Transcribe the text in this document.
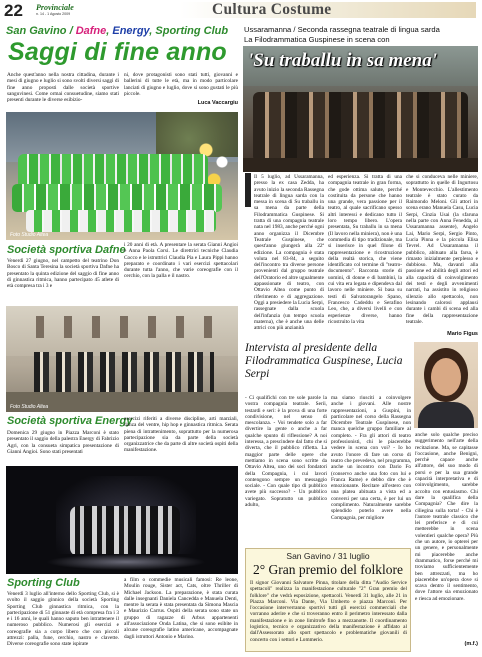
22 Provinciale
n. 14 - 1 Agosto 2009	Cultura Costume
San Gavino / Dafne, Energy, Sporting Club
Saggi di fine anno
Anche quest'anno nella nostra cittadina, durante i mesi di giugno e luglio si sono svolti diversi saggi di fine anno proposti dalle società sportive sanguvinesi. Come ormai consuetudine, siamo stati presenti durante le diverse esibizio-
ni, dove protagonisti sono stati tutti, giovanni e ballerini di tutte le età, ma in modo particolare lanciati di giugno e luglio, dove si sono gustati le più piccole.
Luca Vaccargiu
Foto Studio Altea
Società sportiva Dafne
Venerdì 27 giugno, nel campetto del teatrino Don Bosco di Santa Teresina la società sportiva Dafne ha presentato la quinta edizione del saggio di fine anno di ginnastica ritmica, hanno partecipato 45 atlete di età compresa tra i 3 e
i 20 anni di età. A presentare la serata Gianni Angioi e Anna Paola Corsi. Le direttrici tecniche Claudia Cocco e le istruttrici Claudia Pia e Laura Pippi hanno preparato e coordinato i vari esercizi spettacolari durante tutta l'anno, che varie coreografie con il cerchio, con la palla e il nastro.
Foto Studio Altea
Società sportiva Energy
Domenica 29 giugno in Piazza Marconi è stato presentato il saggio della palestra Energy di Fabrizio Agri, con la consueta simpatica presentazione di Gianni Angioi. Sono stati presentati
esercizi riferiti a diverse discipline, arti marziali, danza del ventre, hip hop e ginnastica ritmica. Serata piena di intrattenimento, soprattutto per la numerosa partecipazione sia da parte della società organizzatrice che da parte di altre società ospiti della manifestazione.
Sporting Club
Venerdì 3 luglio all'interno dello Sporting Club, si è svolto il saggio ginnico della società Sporting Sporting Club ginnastica ritmica, con la partecipazione di 51 ginnaste di età compresa fra i 3 e i 16 anni, le quali hanno saputo ben intrattenere il numeroso pubblico. Numerosi gli esercizi e coreografie sia a corpo libero che con piccoli attrezzi: palla, fune, cerchio, nastro e clavette. Diverse coreografie sono state ispirate
a film o commedie musicali famosi: Re leone, Moulin rouge, Sister act, Cats, oltre Thriller di Michael Jackson. La preparazione, è stata curata dalle insegnanti Daniela Cancedda e Manuela Denti, mentre la serata è stata presentata da Simona Mascia e Maurizio Carrus. Ospiti della serata sono state un gruppo di ragazze di Arbus appartenenti all'associazione Onda Latina, che si sono esibite in alcune coreografie latino americane, accompagnate dagli istruttori Antonio e Marino.
Ussaramanna / Seconda rassegna teatrale di lingua sarda
La Filodrammatica Guspinese in scena con
'Su traballu in sa mena'
Il 5 luglio, ad Ussaramanna, presso la ex casa Zedda, ha avuto inizio la seconda Rassegna teatrale di lingua sarda con la messa in scena di Su traballu in sa mena da parte della Filodrammatica Guspinese. Si tratta di una compagnia teatrale nata nel 1983, anche perché ogni anno organizza il Dicembre Teatrale Guspinese, che quest'anno giungerà alla 22ª edizione. La compagnia è stata voluta nel 83-84, a seguito dell'incontro tra diverse persone provenienti dal gruppo teatrale dell'Oratorio ed altre ugualmente appassionate di teatro, con Ottavio Altea come punto di riferimento e di aggregazione. Oggi a presiedere la Lucia Serpi, rassegnate dalla scuola dell'infanzia (un tempo scuola materna), che è anche una delle attrici con più anzianità
ed esperienza. Si tratta di una compagnia teatrale in gran forma, che gode ottima salute, perché costituita da persone che hanno una grande, vera passione per il teatro, al quale sacrificano spesso altri interessi e dedicano tutto il loro tempo libero. L'opera presentata, Su traballu in sa mena (Il lavoro nella miniera), non è una commedia di tipo tradizionale, ma si inserisce in quel filone di rappresentazione e ricostruzione della realtà storica, che viene identificato col termine di "teatro-documento". Racconta storie di uomini, di donne e di bambini, la cui vita era legata e dipendeva dal lavoro nelle miniere. Si basa su testi di Salvatorangelo Spano, Francesco Cadeddu e Serafino Leo, che, a diversi livelli e con esperienze diverse, hanno ricostruito la vita
che si conduceva nelle miniere, soprattutto in quelle di Ingurtosu e Montevecchio. L'allestimento teatrale è stato curato da Raimondo Meloni. Gli attori in scena erano Manuela Casu, Lucia Serpi, Cinzia Usai (la sfaruna nella parte con Anna Fenedda, al Ussaramanna assente), Angelo Lai, Mario Serpi, Sergio Pinto, Lucia Pinna e la piccola Elisa Tevrel. Ad Ussaramanna il pubblico, abituato alla farsa, è rimasto inizialmente perplesso e dubbioso. Ma, davanti alla passione ed abilità degli attori ed alla capacità di coinvolgimento dei testi e degli avvenimenti narrati, ha assistito in religioso silenzio allo spettacolo, non lesinando calorosi applausi durante i cambi di scena ed alla fine della rappresentazione teatrale.
Mario Figus
Intervista al presidente della Filodrammatica Guspinese, Lucia Serpi
- Ci qualifichi con tre sole parole la vostra compagnia teatrale. Serii, testardi e seri: è la prova di una forte condivisione, nel senso di mescolanza. - Voi tendete solo a far divertire la gente o anche a far qualche spunto di riflessione? A noi interessa, a prescindere dal fatto che si diverta, che il pubblico rifletta. La maggior parte delle opere che mettiamo in scena sono scritte da Ottavio Altea, uno dei soci fondatori della Compagnia, i cui lavori contengono sempre un messaggio sociale. - Con quale tipo di pubblico avete più successo? - Un pubblico variegato. Sopratutto un pubblico adulto,
ma siamo riusciti a coinvolgere anche i giovani. Alle nostre rappresentazioni, a Guspini, in particolare nel corso della Rassegna Dicembre Teatrale Guspinese, non manca quelche gruppo familiare al completo. - Fra gli attori di teatro professionisti, chi le piacerebbe vedere in scena con voi? - Io ho avuto l'onore di fare un corso di teatro che prevedeva, nel programma, anche un incontro con Dario Fo (conservo anche una foto con lui e Franca Rame) e debbo dire che è emozionante. Recitare all'estero con una platea abituata a vista ed a conversi per una certa, è per lui un complimento. Naturalmente sarebbe splendido poterlo avere nella Compagnia, per migliore
anche solo qualche preciso suggerimento nell'arte della recitazione. Ma, se capitasse l'occasione, anche Benigni, perchè capace anche all'attore, del suo modo di porsi e per la sua grande capacità interpretativa e di coinvolgimento, sarebbe accolto con entusiasmo. Chi dare la qualifica della Compagnia? Che dire la ciliegina sulla torta! - Chi è l'autore teatrale classico che lei preferisce e di cui metterebbe in scena volentieri qualche opera? Più che un autore, io opterei per un genere, e personalmente mi piacerebbe anche drammatico, forse perché mi troviamo sufficientemente ben attrezzati, ma ho piacerebbe un'opera dove si scava dentro il sentimento, dove l'attore sia emozionato e riesca ad emozionare.
(m.f.)
San Gavino / 31 luglio
2° Gran premio del folklore
Il signor Giovanni Salvatore Pinna, titolare della ditta "Audio Service spettacoli" realizza la manifestazione culturale "2° Gran premio del folklore" che vedrà esposizione, spettacoli. Venerdì 31 luglio, alle 21 in Piazza Marconi. Via Dante, Via Umberto e piazza Marconi. Per l'occasione interverranno sportivi tutti gli esercizi commerciali che vorranno aderire e che si troveranno entro il perimetro interessato dalla manifestazione e in zone limitrofe fino a mezzanotte. Il coordinamento logistico, tecnico e organizzativo della manifestazione è affidato al dall'Assessorato allo sport spettacolo e problematiche giovanili di concerto con i settori e Lommerio.
